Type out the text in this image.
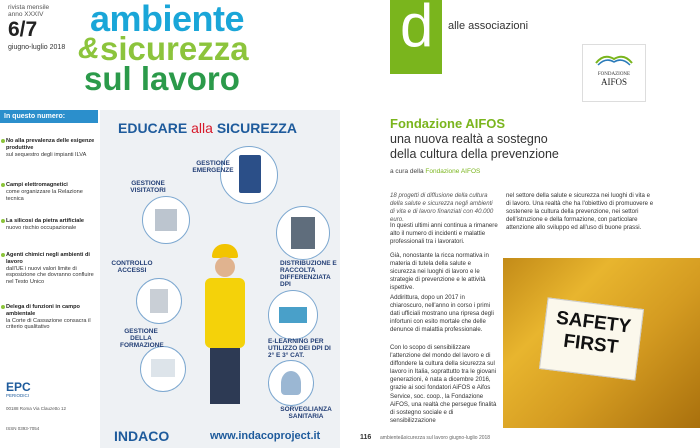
rivista mensile
anno XXXIV
6/7
giugno-luglio 2018
ambiente
& sicurezza
sul lavoro
In questo numero:
No alla prevalenza delle esigenze produttive
sul sequestro degli impianti ILVA
Campi elettromagnetici
come organizzare la Relazione tecnica
La silicosi da pietra artificiale
nuovo rischio occupazionale
Agenti chimici negli ambienti di lavoro
dall'UE i nuovi valori limite di esposizione che dovranno confluire nel Testo Unico
Delega di funzioni in campo ambientale
la Corte di Cassazione consacra il criterio qualitativo
EPC
PERIODICI
00188 Roma Via Clauzetto 12
ISSN 0393-7054
EDUCARE alla SICUREZZA
GESTIONE EMERGENZE
GESTIONE VISITATORI
DISTRIBUZIONE E RACCOLTA DIFFERENZIATA DPI
CONTROLLO ACCESSI
E-LEARNING PER UTILIZZO DEI DPI DI 2° E 3° CAT.
GESTIONE DELLA FORMAZIONE
SORVEGLIANZA SANITARIA
INDACO	www.indacoproject.it
d alle associazioni
FONDAZIONE
AIFOS
Fondazione AIFOS
una nuova realtà a sostegno
della cultura della prevenzione
a cura della Fondazione AIFOS
18 progetti di diffusione della cultura della salute e sicurezza negli ambienti di vita e di lavoro finanziati con 40.000 euro.
In questi ultimi anni continua a rimanere alto il numero di incidenti e malattie professionali tra i lavoratori.
Già, nonostante la ricca normativa in materia di tutela della salute e sicurezza nei luoghi di lavoro e le strategie di prevenzione e le attività ispettive.
Addirittura, dopo un 2017 in chiaroscuro, nell'anno in corso i primi dati ufficiali mostrano una ripresa degli infortuni con esito mortale che delle denunce di malattia professionale.
Con lo scopo di sensibilizzare l'attenzione del mondo del lavoro e di diffondere la cultura della sicurezza sul lavoro in Italia, soprattutto tra le giovani generazioni, è nata a dicembre 2016, grazie ai soci fondatori AiFOS e Aifos Service, soc. coop., la Fondazione AiFOS, una realtà che persegue finalità di sostegno sociale e di sensibilizzazione
nel settore della salute e sicurezza nei luoghi di vita e di lavoro. Una realtà che ha l'obiettivo di promuovere e sostenere la cultura della prevenzione, nei settori dell'istruzione e della formazione, con particolare attenzione allo sviluppo ed all'uso di buone prassi.
SAFETY
FIRST
116 ambiente&sicurezza sul lavoro giugno-luglio 2018
